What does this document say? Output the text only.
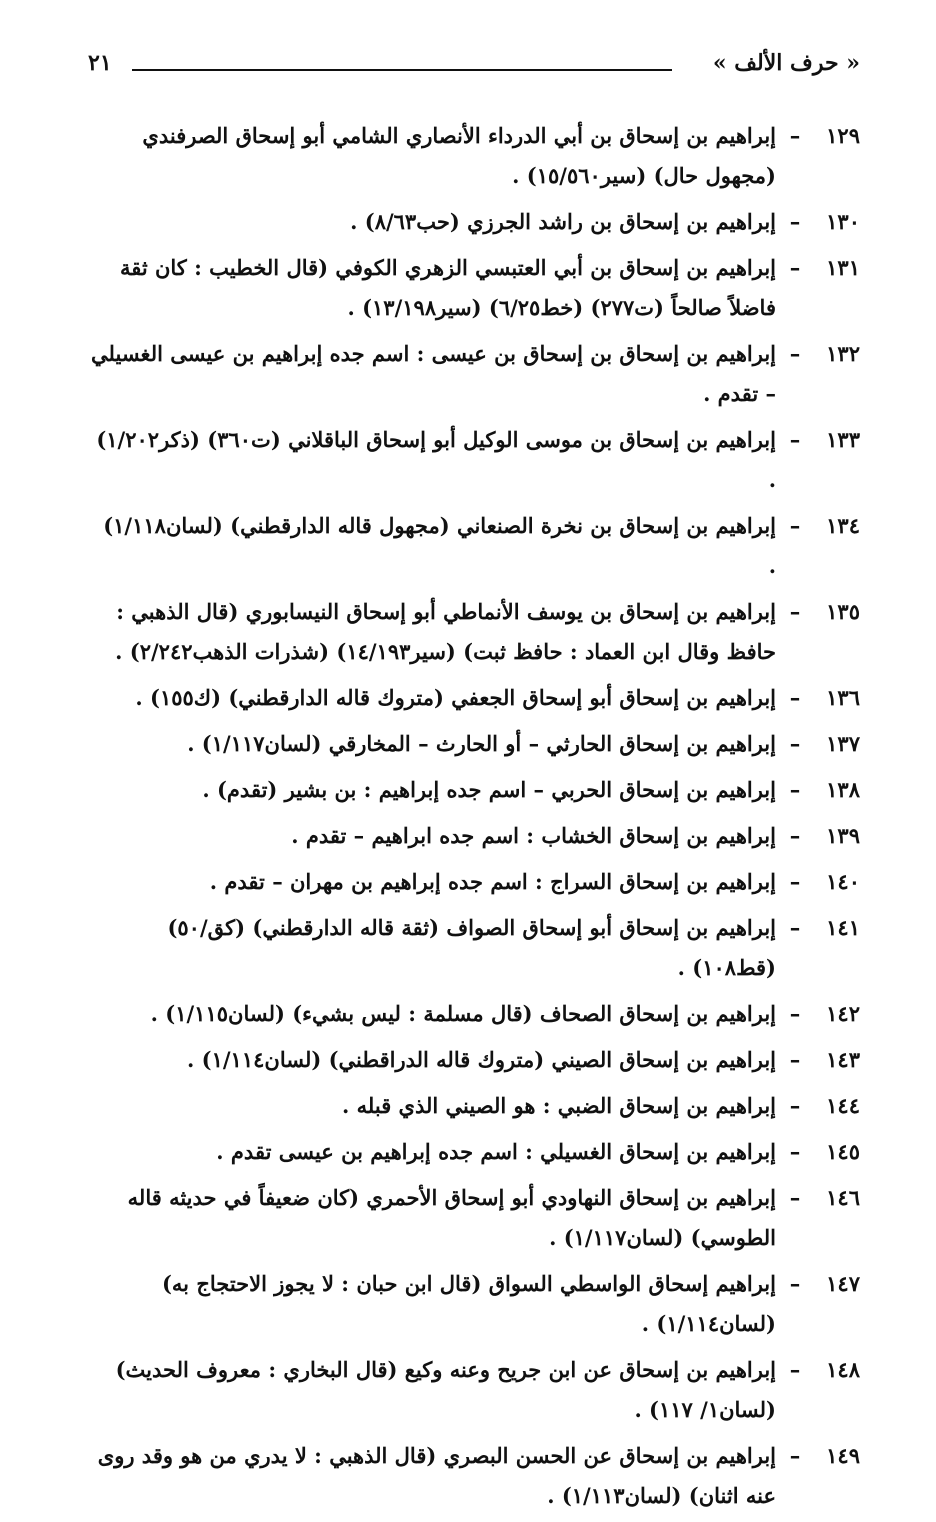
« حرف الألف »
٢١

١٢٩–إبراهيم بن إسحاق بن أبي الدرداء الأنصاري الشامي أبو إسحاق الصرفندي (مجهول حال) (سير١٥/٥٦٠) .

١٣٠–إبراهيم بن إسحاق بن راشد الجرزي (حب٨/٦٣) .

١٣١–إبراهيم بن إسحاق بن أبي العتبسي الزهري الكوفي (قال الخطيب : كان ثقة فاضلاً صالحاً (ت٢٧٧) (خط٦/٢٥) (سير١٣/١٩٨) .

١٣٢–إبراهيم بن إسحاق بن إسحاق بن عيسى : اسم جده إبراهيم بن عيسى الغسيلي – تقدم .

١٣٣–إبراهيم بن إسحاق بن موسى الوكيل أبو إسحاق الباقلاني (ت٣٦٠) (ذكر١/٢٠٢) .

١٣٤–إبراهيم بن إسحاق بن نخرة الصنعاني (مجهول قاله الدارقطني) (لسان١/١١٨) .

١٣٥–إبراهيم بن إسحاق بن يوسف الأنماطي أبو إسحاق النيسابوري (قال الذهبي : حافظ وقال ابن العماد : حافظ ثبت) (سير١٤/١٩٣) (شذرات الذهب٢/٢٤٢) .

١٣٦–إبراهيم بن إسحاق أبو إسحاق الجعفي (متروك قاله الدارقطني) (ك١٥٥) .

١٣٧–إبراهيم بن إسحاق الحارثي – أو الحارث – المخارقي (لسان١/١١٧) .

١٣٨–إبراهيم بن إسحاق الحربي – اسم جده إبراهيم : بن بشير (تقدم) .

١٣٩–إبراهيم بن إسحاق الخشاب : اسم جده ابراهيم – تقدم .

١٤٠–إبراهيم بن إسحاق السراج : اسم جده إبراهيم بن مهران – تقدم .

١٤١–إبراهيم بن إسحاق أبو إسحاق الصواف (ثقة قاله الدارقطني) (كق/٥٠) (قط١٠٨) .

١٤٢–إبراهيم بن إسحاق الصحاف (قال مسلمة : ليس بشيء) (لسان١/١١٥) .

١٤٣–إبراهيم بن إسحاق الصيني (متروك قاله الدراقطني) (لسان١/١١٤) .

١٤٤–إبراهيم بن إسحاق الضبي : هو الصيني الذي قبله .

١٤٥–إبراهيم بن إسحاق الغسيلي : اسم جده إبراهيم بن عيسى تقدم .

١٤٦–إبراهيم بن إسحاق النهاودي أبو إسحاق الأحمري (كان ضعيفاً في حديثه قاله الطوسي) (لسان١/١١٧) .

١٤٧–إبراهيم إسحاق الواسطي السواق (قال ابن حبان : لا يجوز الاحتجاج به) (لسان١/١١٤) .

١٤٨–إبراهيم بن إسحاق عن ابن جريح وعنه وكيع (قال البخاري : معروف الحديث) (لسان١/ ١١٧) .

١٤٩–إبراهيم بن إسحاق عن الحسن البصري (قال الذهبي : لا يدري من هو وقد روى عنه اثنان) (لسان١/١١٣) .
